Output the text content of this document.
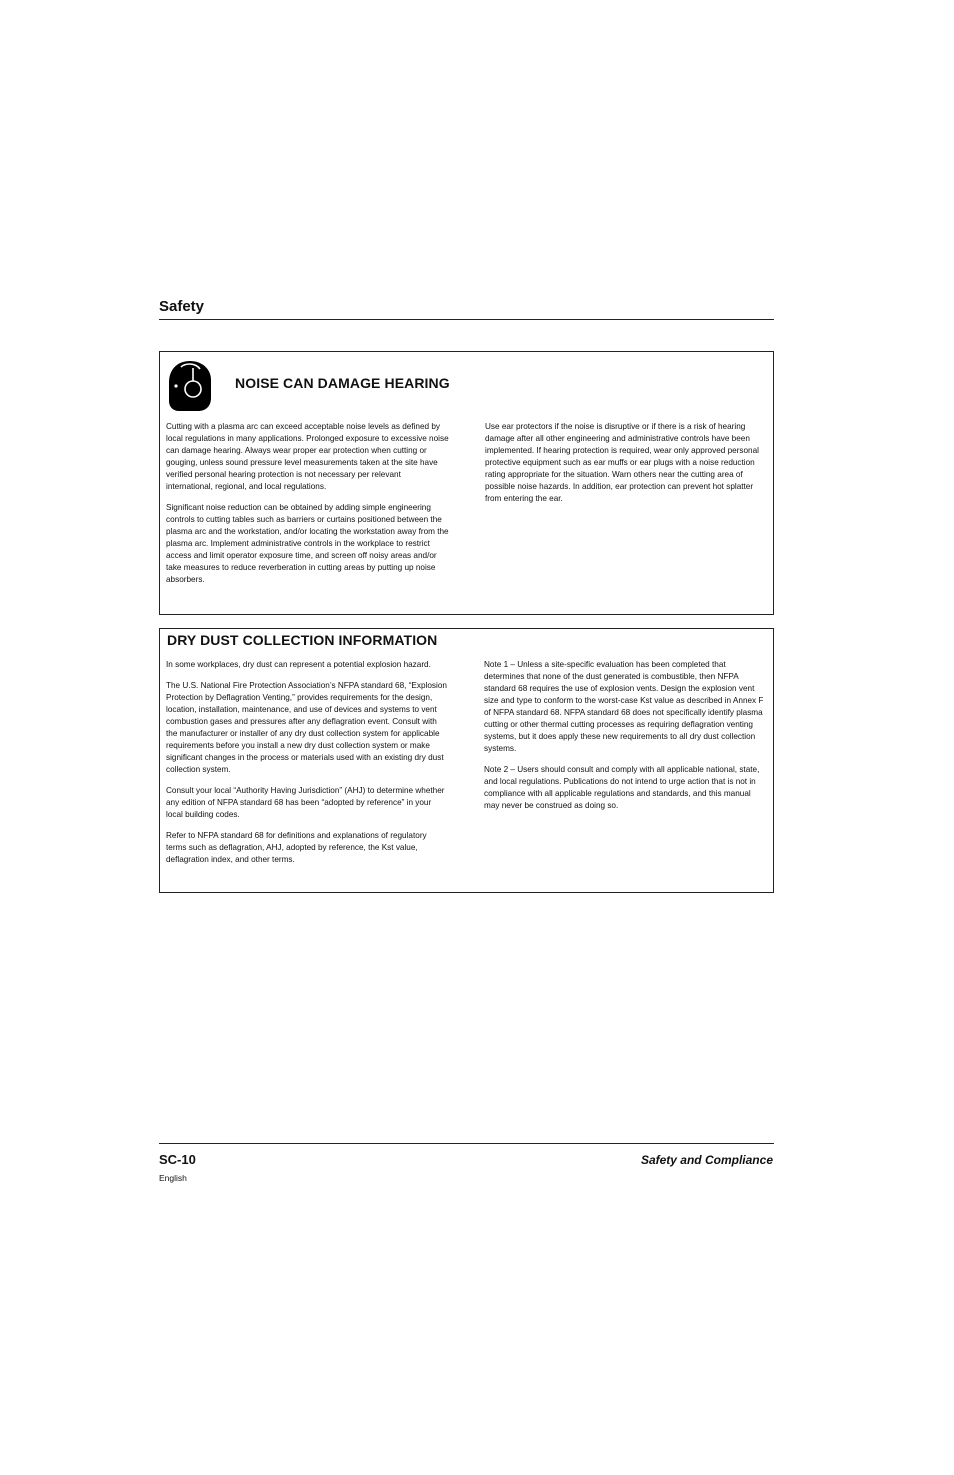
Safety
NOISE CAN DAMAGE HEARING

Cutting with a plasma arc can exceed acceptable noise levels as defined by local regulations in many applications. Prolonged exposure to excessive noise can damage hearing. Always wear proper ear protection when cutting or gouging, unless sound pressure level measurements taken at the site have verified personal hearing protection is not necessary per relevant international, regional, and local regulations.

Significant noise reduction can be obtained by adding simple engineering controls to cutting tables such as barriers or curtains positioned between the plasma arc and the workstation, and/or locating the workstation away from the plasma arc. Implement administrative controls in the workplace to restrict access and limit operator exposure time, and screen off noisy areas and/or take measures to reduce reverberation in cutting areas by putting up noise absorbers.

Use ear protectors if the noise is disruptive or if there is a risk of hearing damage after all other engineering and administrative controls have been implemented. If hearing protection is required, wear only approved personal protective equipment such as ear muffs or ear plugs with a noise reduction rating appropriate for the situation. Warn others near the cutting area of possible noise hazards. In addition, ear protection can prevent hot splatter from entering the ear.

DRY DUST COLLECTION INFORMATION

In some workplaces, dry dust can represent a potential explosion hazard.

The U.S. National Fire Protection Association’s NFPA standard 68, “Explosion Protection by Deflagration Venting,” provides requirements for the design, location, installation, maintenance, and use of devices and systems to vent combustion gases and pressures after any deflagration event. Consult with the manufacturer or installer of any dry dust collection system for applicable requirements before you install a new dry dust collection system or make significant changes in the process or materials used with an existing dry dust collection system.

Consult your local “Authority Having Jurisdiction” (AHJ) to determine whether any edition of NFPA standard 68 has been “adopted by reference” in your local building codes.

Refer to NFPA standard 68 for definitions and explanations of regulatory terms such as deflagration, AHJ, adopted by reference, the Kst value, deflagration index, and other terms.

Note 1 – Unless a site-specific evaluation has been completed that determines that none of the dust generated is combustible, then NFPA standard 68 requires the use of explosion vents. Design the explosion vent size and type to conform to the worst-case Kst value as described in Annex F of NFPA standard 68. NFPA standard 68 does not specifically identify plasma cutting or other thermal cutting processes as requiring deflagration venting systems, but it does apply these new requirements to all dry dust collection systems.

Note 2 – Users should consult and comply with all applicable national, state, and local regulations. Publications do not intend to urge action that is not in compliance with all applicable regulations and standards, and this manual may never be construed as doing so.

SC-10
English
Safety and Compliance
